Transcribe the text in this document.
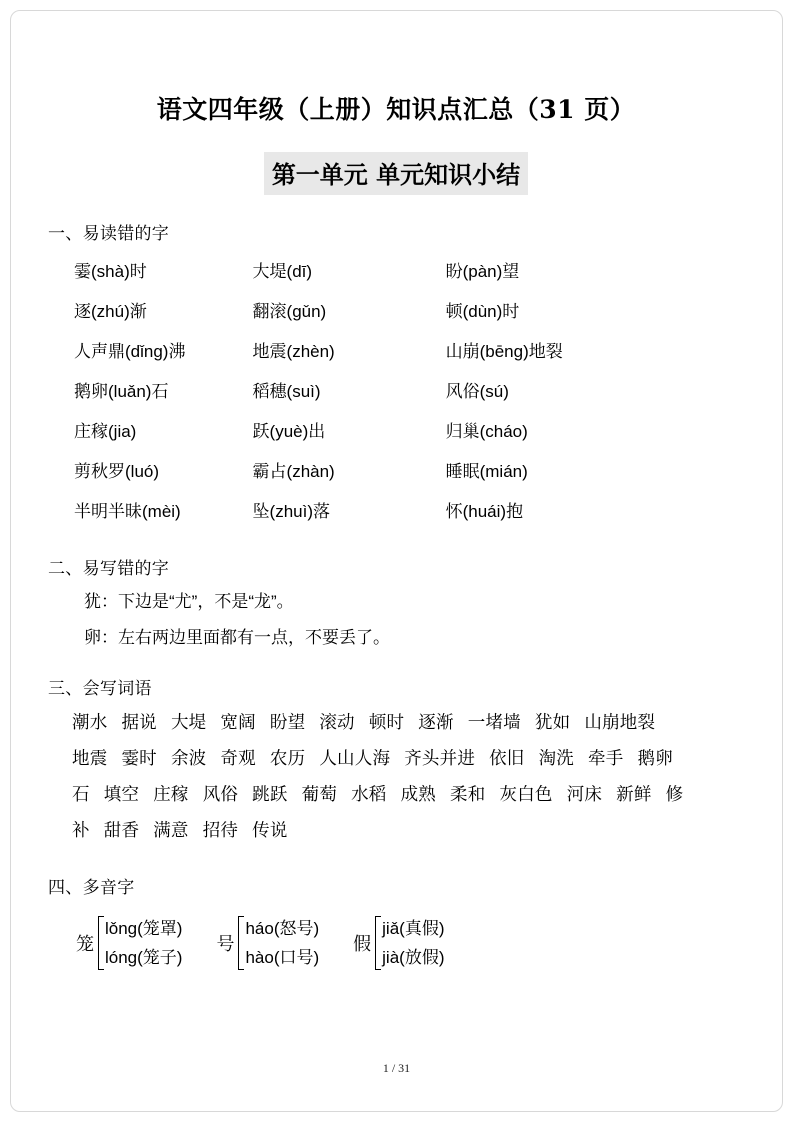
语文四年级（上册）知识点汇总（31 页）
第一单元 单元知识小结
一、易读错的字
霎(shà)时	大堤(dī)	盼(pàn)望
逐(zhú)渐	翻滚(gǔn)	顿(dùn)时
人声鼎(dǐng)沸	地震(zhèn)	山崩(bēng)地裂
鹅卵(luǎn)石	稻穗(suì)	风俗(sú)
庄稼(jia)	跃(yuè)出	归巢(cháo)
剪秋罗(luó)	霸占(zhàn)	睡眠(mián)
半明半昧(mèi)	坠(zhuì)落	怀(huái)抱
二、易写错的字
犹：下边是“尤”，不是“龙”。
卵：左右两边里面都有一点，不要丢了。
三、会写词语
潮水 据说 大堤 宽阔 盼望 滚动 顿时 逐渐 一堵墙 犹如 山崩地裂 地震 霎时 余波 奇观 农历 人山人海 齐头并进 依旧 淘洗 牵手 鹅卵石 填空 庄稼 风俗 跳跃 葡萄 水稻 成熟 柔和 灰白色 河床 新鲜 修补 甜香 满意 招待 传说
四、多音字
笼
lǒng(笼罩)
lóng(笼子)
号
háo(怒号)
hào(口号)
假
jiǎ(真假)
jià(放假)
1 / 31
